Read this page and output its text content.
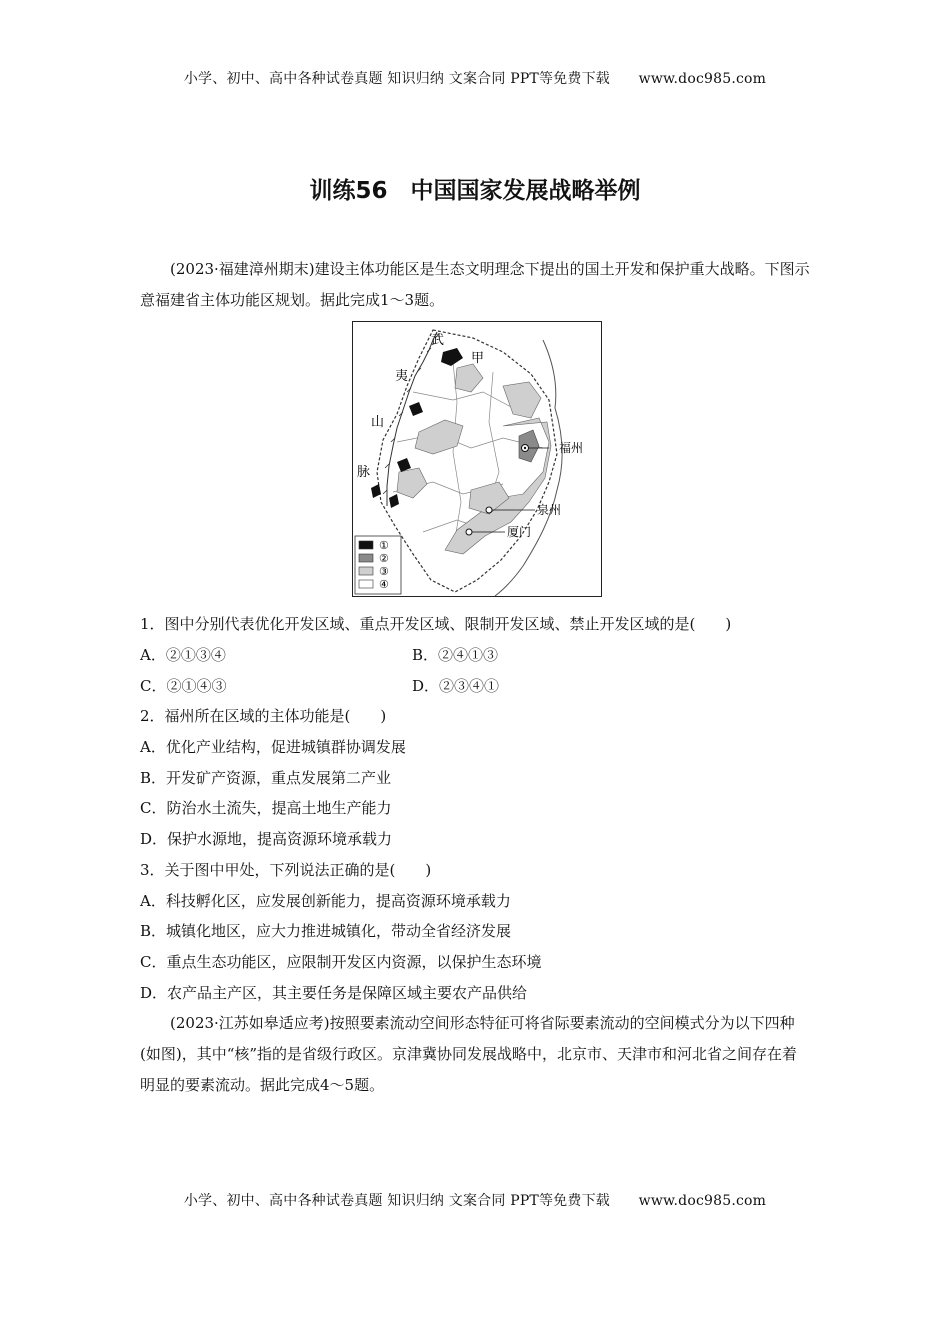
小学、初中、高中各种试卷真题 知识归纳 文案合同 PPT等免费下载 www.doc985.com
训练56　中国国家发展战略举例
(2023·福建漳州期末)建设主体功能区是生态文明理念下提出的国土开发和保护重大战略。下图示意福建省主体功能区规划。据此完成1～3题。
武
甲
夷
山
脉
福州
泉州
厦门
①
②
③
④
1．图中分别代表优化开发区域、重点开发区域、限制开发区域、禁止开发区域的是(　　)
A．②①③④	B．②④①③
C．②①④③	D．②③④①
2．福州所在区域的主体功能是(　　)
A．优化产业结构，促进城镇群协调发展
B．开发矿产资源，重点发展第二产业
C．防治水土流失，提高土地生产能力
D．保护水源地，提高资源环境承载力
3．关于图中甲处，下列说法正确的是(　　)
A．科技孵化区，应发展创新能力，提高资源环境承载力
B．城镇化地区，应大力推进城镇化，带动全省经济发展
C．重点生态功能区，应限制开发区内资源，以保护生态环境
D．农产品主产区，其主要任务是保障区域主要农产品供给
(2023·江苏如皋适应考)按照要素流动空间形态特征可将省际要素流动的空间模式分为以下四种(如图)，其中“核”指的是省级行政区。京津冀协同发展战略中，北京市、天津市和河北省之间存在着明显的要素流动。据此完成4～5题。
小学、初中、高中各种试卷真题 知识归纳 文案合同 PPT等免费下载 www.doc985.com
